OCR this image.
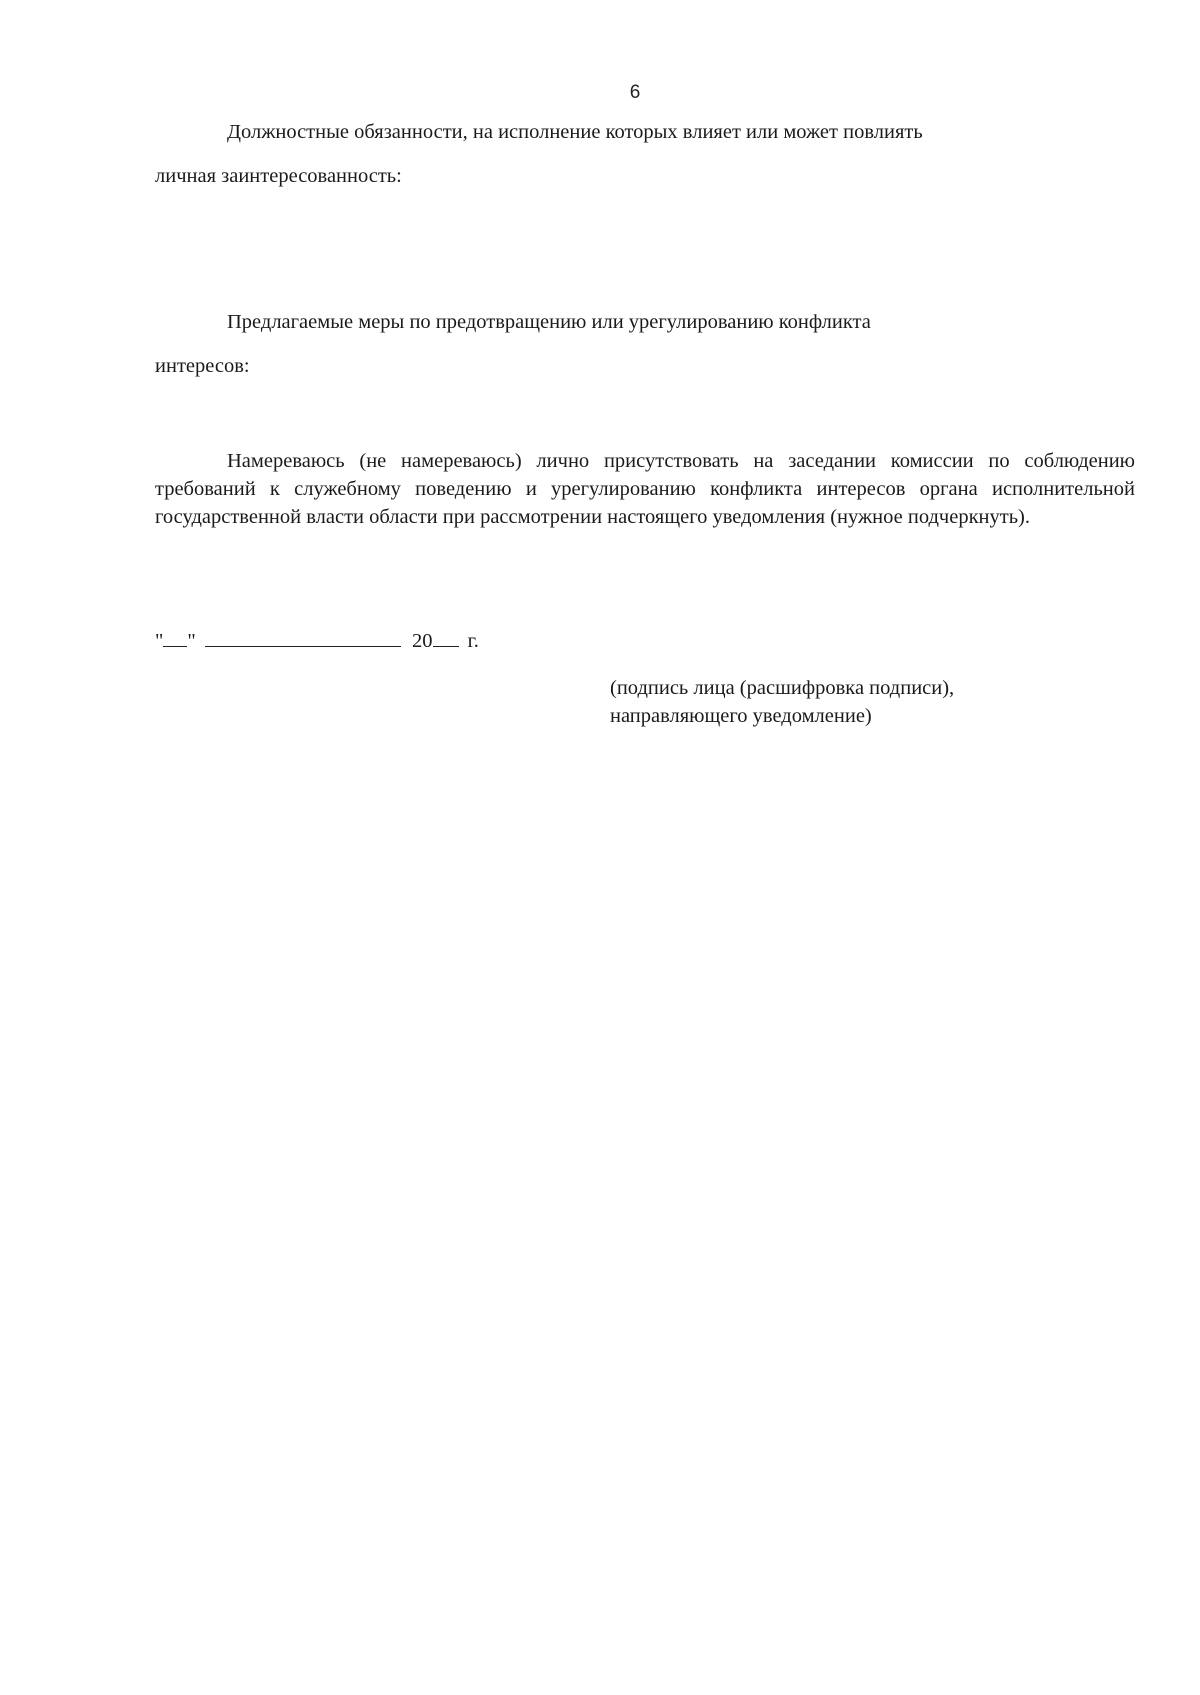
6
Должностные обязанности, на исполнение которых влияет или может повлиять
личная заинтересованность:
Предлагаемые меры по предотвращению или урегулированию конфликта
интересов:
Намереваюсь (не намереваюсь) лично присутствовать на заседании комиссии по соблюдению требований к служебному поведению и урегулированию конфликта интересов органа исполнительной государственной власти области при рассмотрении настоящего уведомления (нужное подчеркнуть).
" "	20 г.
(подпись лица (расшифровка подписи),
направляющего уведомление)
